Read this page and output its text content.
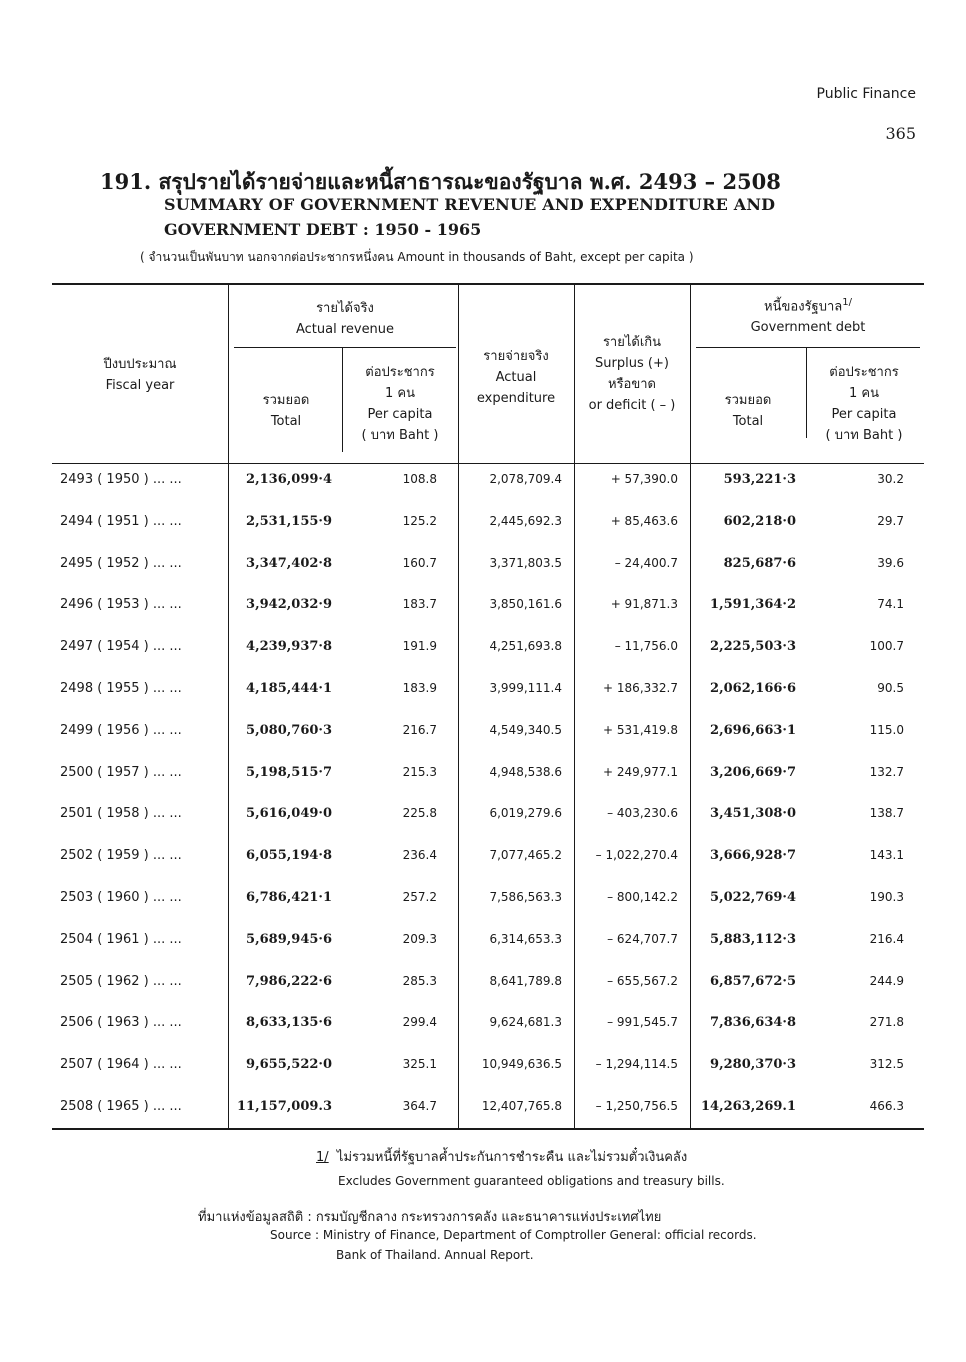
Public Finance
365
191. สรุปรายได้รายจ่ายและหนี้สาธารณะของรัฐบาล พ.ศ. 2493 – 2508
SUMMARY OF GOVERNMENT REVENUE AND EXPENDITURE AND
GOVERNMENT DEBT : 1950 - 1965
( จำนวนเป็นพันบาท นอกจากต่อประชากรหนึ่งคน Amount in thousands of Baht, except per capita )
ปีงบประมาณ
Fiscal year
รายได้จริง
Actual revenue
รวมยอด
Total
ต่อประชากร
1 คน
Per capita
( บาท Baht )
รายจ่ายจริง
Actual
expenditure
รายได้เกิน
Surplus (+)
หรือขาด
or deficit ( – )
หนี้ของรัฐบาล$^{1/}$
Government debt
รวมยอด
Total
ต่อประชากร
1 คน
Per capita
( บาท Baht )
2493 ( 1950 ) ... ...	2,136,099·4	108.8	2,078,709.4	+ 57,390.0	593,221·3	30.2
2494 ( 1951 ) ... ...	2,531,155·9	125.2	2,445,692.3	+ 85,463.6	602,218·0	29.7
2495 ( 1952 ) ... ...	3,347,402·8	160.7	3,371,803.5	– 24,400.7	825,687·6	39.6
2496 ( 1953 ) ... ...	3,942,032·9	183.7	3,850,161.6	+ 91,871.3	1,591,364·2	74.1
2497 ( 1954 ) ... ...	4,239,937·8	191.9	4,251,693.8	– 11,756.0	2,225,503·3	100.7
2498 ( 1955 ) ... ...	4,185,444·1	183.9	3,999,111.4	+ 186,332.7	2,062,166·6	90.5
2499 ( 1956 ) ... ...	5,080,760·3	216.7	4,549,340.5	+ 531,419.8	2,696,663·1	115.0
2500 ( 1957 ) ... ...	5,198,515·7	215.3	4,948,538.6	+ 249,977.1	3,206,669·7	132.7
2501 ( 1958 ) ... ...	5,616,049·0	225.8	6,019,279.6	– 403,230.6	3,451,308·0	138.7
2502 ( 1959 ) ... ...	6,055,194·8	236.4	7,077,465.2	– 1,022,270.4	3,666,928·7	143.1
2503 ( 1960 ) ... ...	6,786,421·1	257.2	7,586,563.3	– 800,142.2	5,022,769·4	190.3
2504 ( 1961 ) ... ...	5,689,945·6	209.3	6,314,653.3	– 624,707.7	5,883,112·3	216.4
2505 ( 1962 ) ... ...	7,986,222·6	285.3	8,641,789.8	– 655,567.2	6,857,672·5	244.9
2506 ( 1963 ) ... ...	8,633,135·6	299.4	9,624,681.3	– 991,545.7	7,836,634·8	271.8
2507 ( 1964 ) ... ...	9,655,522·0	325.1	10,949,636.5	– 1,294,114.5	9,280,370·3	312.5
2508 ( 1965 ) ... ...	11,157,009.3	364.7	12,407,765.8	– 1,250,756.5	14,263,269.1	466.3
1/ ไม่รวมหนี้ที่รัฐบาลค้ำประกันการชำระคืน และไม่รวมตั๋วเงินคลัง
Excludes Government guaranteed obligations and treasury bills.
ที่มาแห่งข้อมูลสถิติ : กรมบัญชีกลาง กระทรวงการคลัง และธนาคารแห่งประเทศไทย
Source : Ministry of Finance, Department of Comptroller General: official records.
Bank of Thailand. Annual Report.
